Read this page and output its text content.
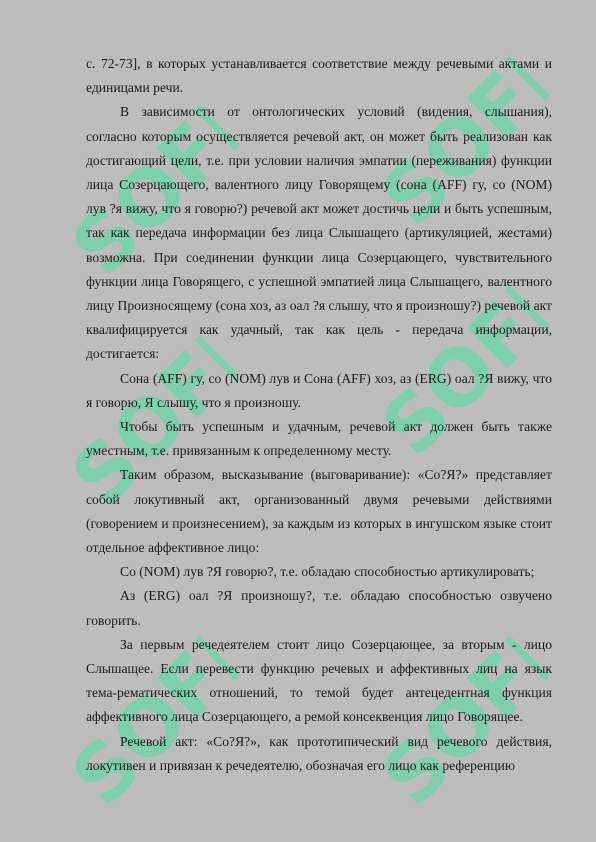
SOFF
SOFF
SOFF
SOFF
SOFF SOFF

с. 72-73], в которых устанавливается соответствие между речевыми актами и единицами речи.

В зависимости от онтологических условий (видения, слышания), согласно которым осуществляется речевой акт, он может быть реализован как достигающий цели, т.е. при условии наличия эмпатии (переживания) функции лица Созерцающего, валентного лицу Говорящему (сона (AFF) гу, со (NOM) лув ?я вижу, что я говорю?) речевой акт может достичь цели и быть успешным, так как передача информации без лица Слышащего (артикуляцией, жестами) возможна. При соединении функции лица Созерцающего, чувствительного функции лица Говорящего, с успешной эмпатией лица Слышащего, валентного лицу Произносящему (сона хоз, аз оал ?я слышу, что я произношу?) речевой акт квалифицируется как удачный, так как цель - передача информации, достигается:

Сона (AFF) гу, со (NOM) лув и Сона (AFF) хоз, аз (ERG) оал ?Я вижу, что я говорю, Я слышу, что я произношу.

Чтобы быть успешным и удачным, речевой акт должен быть также уместным, т.е. привязанным к определенному месту.

Таким образом, высказывание (выговаривание): «Со?Я?» представляет собой локутивный акт, организованный двумя речевыми действиями (говорением и произнесением), за каждым из которых в ингушском языке стоит отдельное аффективное лицо:

Со (NOM) лув ?Я говорю?, т.е. обладаю способностью артикулировать;

Аз (ERG) оал ?Я произношу?, т.е. обладаю способностью озвучено говорить.

За первым речедеятелем стоит лицо Созерцающее, за вторым - лицо Слышащее. Если перевести функцию речевых и аффективных лиц на язык тема-рематических отношений, то темой будет антецедентная функция аффективного лица Созерцающего, а ремой консеквенция лицо Говорящее.

Речевой акт: «Со?Я?», как прототипический вид речевого действия, локутивен и привязан к речедеятелю, обозначая его лицо как референцию
